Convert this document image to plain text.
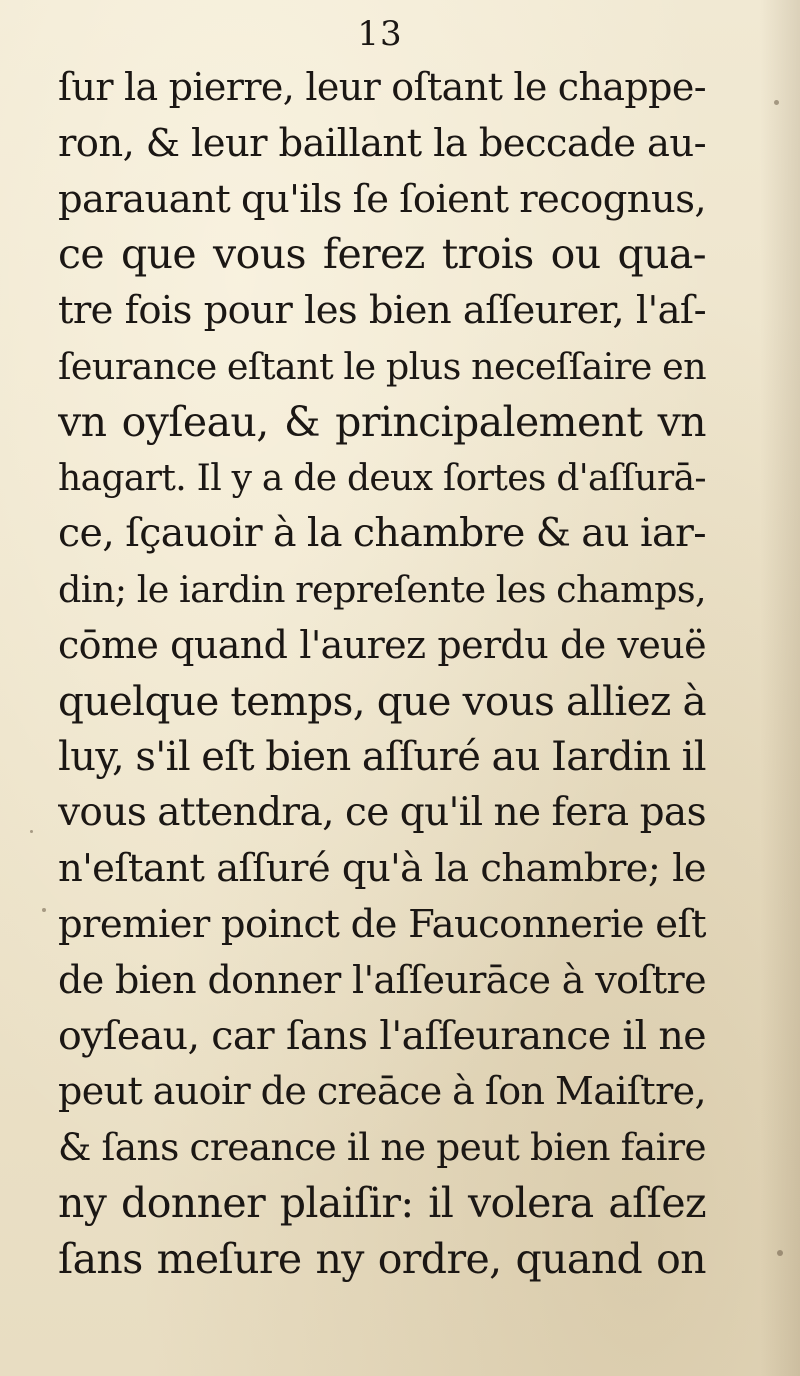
13
ſur la pierre, leur oſtant le chappe-
ron, & leur baillant la beccade au-
parauant qu'ils ſe ſoient recognus,
ce que vous ferez trois ou qua-
tre fois pour les bien aſſeurer, l'aſ-
ſeurance eſtant le plus neceſſaire en
vn oyſeau, & principalement vn
hagart. Il y a de deux ſortes d'aſſurā-
ce, ſçauoir à la chambre & au iar-
din; le iardin repreſente les champs,
cōme quand l'aurez perdu de veuë
quelque temps, que vous alliez à
luy, s'il eſt bien aſſuré au Iardin il
vous attendra, ce qu'il ne fera pas
n'eſtant aſſuré qu'à la chambre; le
premier poinct de Fauconnerie eſt
de bien donner l'aſſeurāce à voſtre
oyſeau, car ſans l'aſſeurance il ne
peut auoir de creāce à ſon Maiſtre,
& ſans creance il ne peut bien faire
ny donner plaiſir: il volera aſſez
ſans meſure ny ordre, quand on
